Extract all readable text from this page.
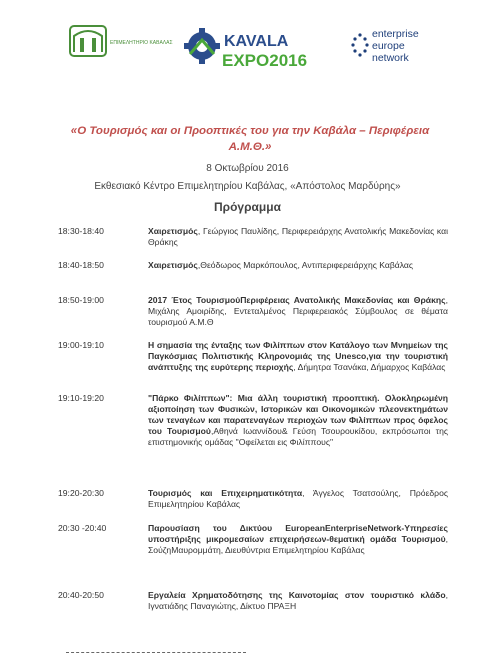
ΕΠΙΜΕΛΗΤΗΡΙΟ ΚΑΒΑΛΑΣ	KAVALA
EXPO2016
enterprise
europe
network
«Ο Τουρισμός και οι Προοπτικές του για την Καβάλα – Περιφέρεια Α.Μ.Θ.»
8 Οκτωβρίου 2016
Εκθεσιακό Κέντρο Επιμελητηρίου Καβάλας, «Απόστολος Μαρδύρης»
Πρόγραμμα
18:30-18:40	Χαιρετισμός, Γεώργιος Παυλίδης, Περιφερειάρχης Ανατολικής Μακεδονίας και Θράκης
18:40-18:50	Χαιρετισμός,Θεόδωρος Μαρκόπουλος, Αντιπεριφερειάρχης Καβάλας
18:50-19:00	2017 Έτος ΤουρισμούΠεριφέρειας Ανατολικής Μακεδονίας και Θράκης, Μιχάλης Αμοιρίδης, Εντεταλμένος Περιφερειακός Σύμβουλος σε θέματα τουρισμού Α.Μ.Θ
19:00-19:10	Η σημασία της ένταξης των Φιλίππων στον Κατάλογο των Μνημείων της Παγκόσμιας Πολιτιστικής Κληρονομιάς της Unesco,για την τουριστική ανάπτυξης της ευρύτερης περιοχής, Δήμητρα Τσανάκα, Δήμαρχος Καβάλας
19:10-19:20	"Πάρκο Φιλίππων": Μια άλλη τουριστική προοπτική. Ολοκληρωμένη αξιοποίηση των Φυσικών, Ιστορικών και Οικονομικών πλεονεκτημάτων των τεναγέων και παρατεναγέων περιοχών των Φιλίππων προς όφελος του Τουρισμού,Αθηνά Ιωαννίδου& Γεύση Τσουρουκίδου, εκπρόσωποι της επιστημονικής ομάδας "Οφείλεται εις Φιλίππους"
19:20-20:30	Τουρισμός και Επιχειρηματικότητα, Άγγελος Τσατσούλης, Πρόεδρος Επιμελητηρίου Καβάλας
20:30 -20:40	Παρουσίαση του Δικτύου EuropeanEnterpriseNetwork-Υπηρεσίες υποστήριξης μικρομεσαίων επιχειρήσεων-θεματική ομάδα Τουρισμού, ΣούζηΜαυρομμάτη, Διευθύντρια Επιμελητηρίου Καβάλας
20:40-20:50	Εργαλεία Χρηματοδότησης της Καινοτομίας στον τουριστικό κλάδο, Ιγνατιάδης Παναγιώτης, Δίκτυο ΠΡΑΞΗ
